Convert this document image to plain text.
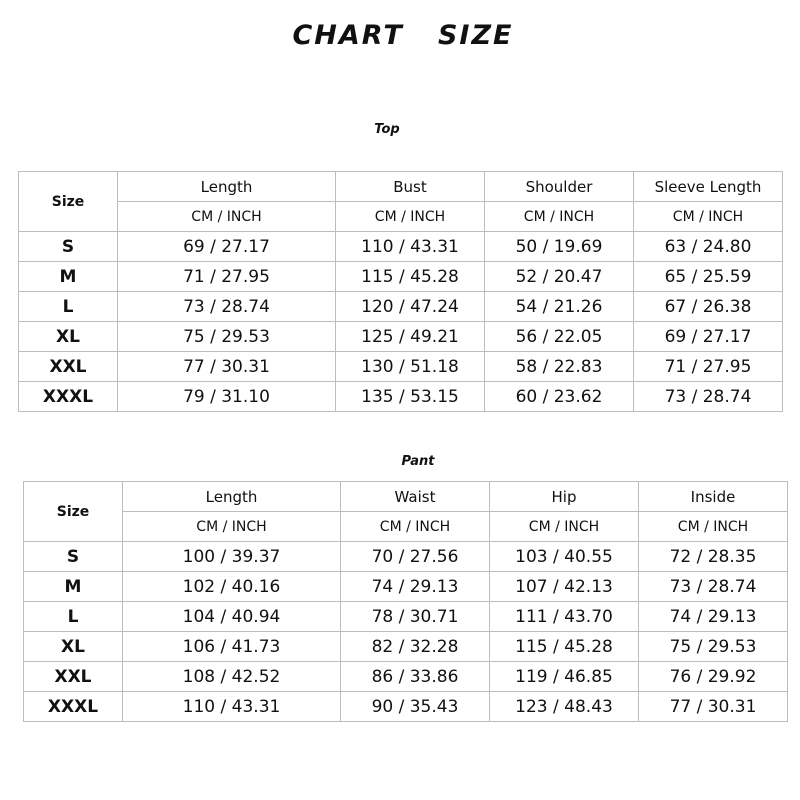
CHART   SIZE
Top
Size	Length	Bust	Shoulder	Sleeve Length
	CM / INCH	CM / INCH	CM / INCH	CM / INCH
S	69 / 27.17	110 / 43.31	50 / 19.69	63 / 24.80
M	71 / 27.95	115 / 45.28	52 / 20.47	65 / 25.59
L	73 / 28.74	120 / 47.24	54 / 21.26	67 / 26.38
XL	75 / 29.53	125 / 49.21	56 / 22.05	69 / 27.17
XXL	77 / 30.31	130 / 51.18	58 / 22.83	71 / 27.95
XXXL	79 / 31.10	135 / 53.15	60 / 23.62	73 / 28.74
Pant
Size	Length	Waist	Hip	Inside
	CM / INCH	CM / INCH	CM / INCH	CM / INCH
S	100 / 39.37	70 / 27.56	103 / 40.55	72 / 28.35
M	102 / 40.16	74 / 29.13	107 / 42.13	73 / 28.74
L	104 / 40.94	78 / 30.71	111 / 43.70	74 / 29.13
XL	106 / 41.73	82 / 32.28	115 / 45.28	75 / 29.53
XXL	108 / 42.52	86 / 33.86	119 / 46.85	76 / 29.92
XXXL	110 / 43.31	90 / 35.43	123 / 48.43	77 / 30.31
